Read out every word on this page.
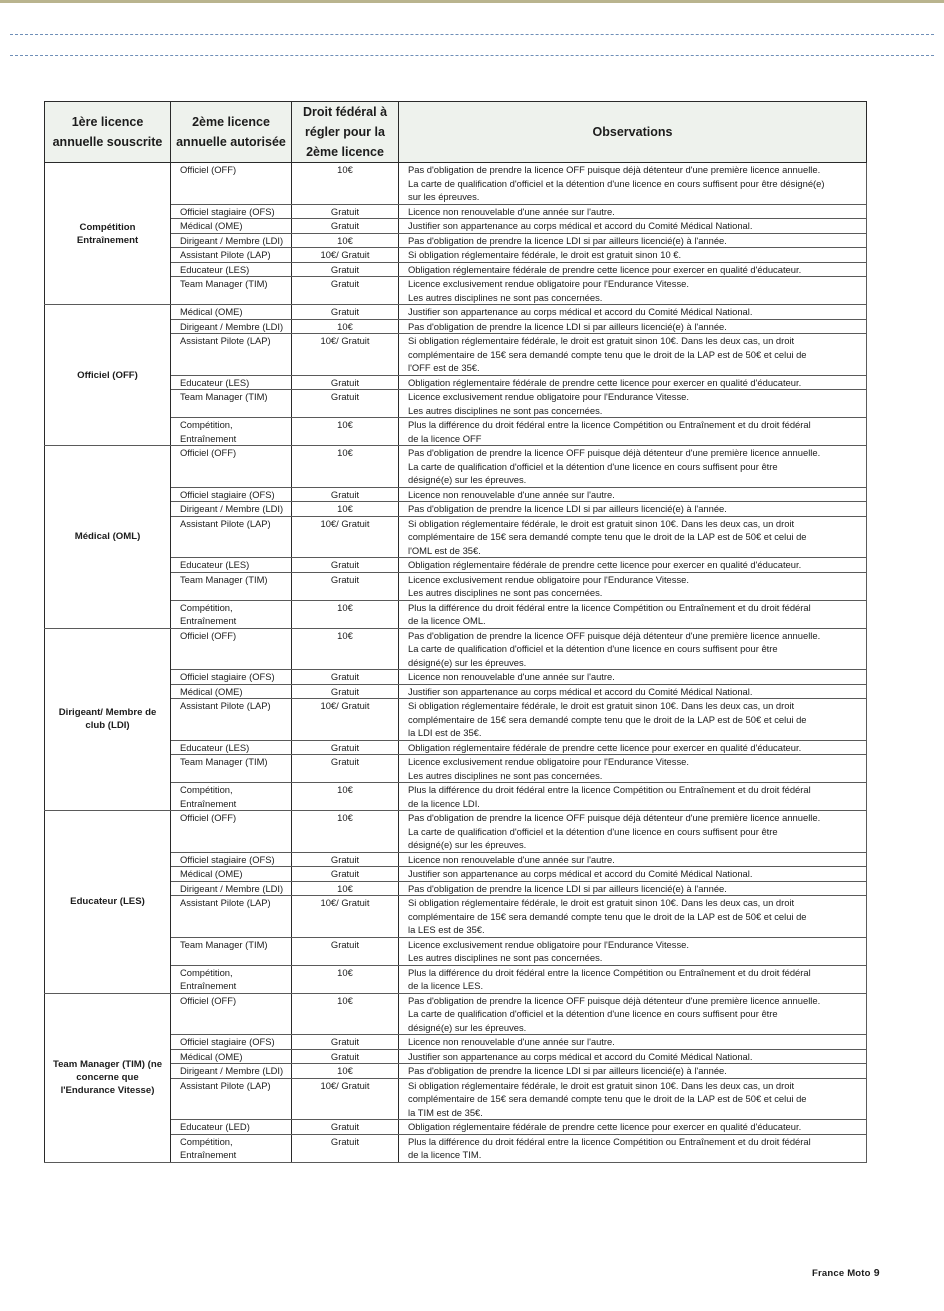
1ère licence annuelle souscrite	2ème licence annuelle autorisée	Droit fédéral à régler pour la 2ème licence	Observations
Compétition Entraînement	Officiel (OFF)	10€	Pas d'obligation de prendre la licence OFF puisque déjà détenteur d'une première licence annuelle.
La carte de qualification d'officiel et la détention d'une licence en cours suffisent pour être désigné(e)
sur les épreuves.

	Officiel stagiaire (OFS)	Gratuit	Licence non renouvelable d'une année sur l'autre.

	Médical (OME)	Gratuit	Justifier son appartenance au corps médical et accord du Comité Médical National.

	Dirigeant / Membre (LDI)	10€	Pas d'obligation de prendre la licence LDI si par ailleurs licencié(e) à l'année.

	Assistant Pilote (LAP)	10€/ Gratuit	Si obligation réglementaire fédérale, le droit est gratuit sinon 10 €.

	Educateur (LES)	Gratuit	Obligation réglementaire fédérale de prendre cette licence pour exercer en qualité d'éducateur.

	Team Manager (TIM)	Gratuit	Licence exclusivement rendue obligatoire pour l'Endurance Vitesse.
Les autres disciplines ne sont pas concernées.

Officiel (OFF)	Médical (OME)	Gratuit	Justifier son appartenance au corps médical et accord du Comité Médical National.

	Dirigeant / Membre (LDI)	10€	Pas d'obligation de prendre la licence LDI si par ailleurs licencié(e) à l'année.

	Assistant Pilote (LAP)	10€/ Gratuit	Si obligation réglementaire fédérale, le droit est gratuit sinon 10€. Dans les deux cas, un droit
complémentaire de 15€ sera demandé compte tenu que le droit de la LAP est de 50€ et celui de
l'OFF est de 35€.

	Educateur (LES)	Gratuit	Obligation réglementaire fédérale de prendre cette licence pour exercer en qualité d'éducateur.

	Team Manager (TIM)	Gratuit	Licence exclusivement rendue obligatoire pour l'Endurance Vitesse.
Les autres disciplines ne sont pas concernées.

	Compétition, Entraînement	10€	Plus la différence du droit fédéral entre la licence Compétition ou Entraînement et du droit fédéral
de la licence OFF

Médical (OML)	Officiel (OFF)	10€	Pas d'obligation de prendre la licence OFF puisque déjà détenteur d'une première licence annuelle.
La carte de qualification d'officiel et la détention d'une licence en cours suffisent pour être
désigné(e) sur les épreuves.

	Officiel stagiaire (OFS)	Gratuit	Licence non renouvelable d'une année sur l'autre.

	Dirigeant / Membre (LDI)	10€	Pas d'obligation de prendre la licence LDI si par ailleurs licencié(e) à l'année.

	Assistant Pilote (LAP)	10€/ Gratuit	Si obligation réglementaire fédérale, le droit est gratuit sinon 10€. Dans les deux cas, un droit
complémentaire de 15€ sera demandé compte tenu que le droit de la LAP est de 50€ et celui de
l'OML est de 35€.

	Educateur (LES)	Gratuit	Obligation réglementaire fédérale de prendre cette licence pour exercer en qualité d'éducateur.

	Team Manager (TIM)	Gratuit	Licence exclusivement rendue obligatoire pour l'Endurance Vitesse.
Les autres disciplines ne sont pas concernées.

	Compétition, Entraînement	10€	Plus la différence du droit fédéral entre la licence Compétition ou Entraînement et du droit fédéral
de la licence OML.

Dirigeant/ Membre de club (LDI)	Officiel (OFF)	10€	Pas d'obligation de prendre la licence OFF puisque déjà détenteur d'une première licence annuelle.
La carte de qualification d'officiel et la détention d'une licence en cours suffisent pour être
désigné(e) sur les épreuves.

	Officiel stagiaire (OFS)	Gratuit	Licence non renouvelable d'une année sur l'autre.

	Médical (OME)	Gratuit	Justifier son appartenance au corps médical et accord du Comité Médical National.

	Assistant Pilote (LAP)	10€/ Gratuit	Si obligation réglementaire fédérale, le droit est gratuit sinon 10€. Dans les deux cas, un droit
complémentaire de 15€ sera demandé compte tenu que le droit de la LAP est de 50€ et celui de
la LDI est de 35€.

	Educateur (LES)	Gratuit	Obligation réglementaire fédérale de prendre cette licence pour exercer en qualité d'éducateur.

	Team Manager (TIM)	Gratuit	Licence exclusivement rendue obligatoire pour l'Endurance Vitesse.
Les autres disciplines ne sont pas concernées.

	Compétition, Entraînement	10€	Plus la différence du droit fédéral entre la licence Compétition ou Entraînement et du droit fédéral
de la licence LDI.

Educateur (LES)	Officiel (OFF)	10€	Pas d'obligation de prendre la licence OFF puisque déjà détenteur d'une première licence annuelle.
La carte de qualification d'officiel et la détention d'une licence en cours suffisent pour être
désigné(e) sur les épreuves.

	Officiel stagiaire (OFS)	Gratuit	Licence non renouvelable d'une année sur l'autre.

	Médical (OME)	Gratuit	Justifier son appartenance au corps médical et accord du Comité Médical National.

	Dirigeant / Membre (LDI)	10€	Pas d'obligation de prendre la licence LDI si par ailleurs licencié(e) à l'année.

	Assistant Pilote (LAP)	10€/ Gratuit	Si obligation réglementaire fédérale, le droit est gratuit sinon 10€. Dans les deux cas, un droit
complémentaire de 15€ sera demandé compte tenu que le droit de la LAP est de 50€ et celui de
la LES est de 35€.

	Team Manager (TIM)	Gratuit	Licence exclusivement rendue obligatoire pour l'Endurance Vitesse.
Les autres disciplines ne sont pas concernées.

	Compétition, Entraînement	10€	Plus la différence du droit fédéral entre la licence Compétition ou Entraînement et du droit fédéral
de la licence LES.

Team Manager (TIM) (ne concerne que l'Endurance Vitesse)	Officiel (OFF)	10€	Pas d'obligation de prendre la licence OFF puisque déjà détenteur d'une première licence annuelle.
La carte de qualification d'officiel et la détention d'une licence en cours suffisent pour être
désigné(e) sur les épreuves.

	Officiel stagiaire (OFS)	Gratuit	Licence non renouvelable d'une année sur l'autre.

	Médical (OME)	Gratuit	Justifier son appartenance au corps médical et accord du Comité Médical National.

	Dirigeant / Membre (LDI)	10€	Pas d'obligation de prendre la licence LDI si par ailleurs licencié(e) à l'année.

	Assistant Pilote (LAP)	10€/ Gratuit	Si obligation réglementaire fédérale, le droit est gratuit sinon 10€. Dans les deux cas, un droit
complémentaire de 15€ sera demandé compte tenu que le droit de la LAP est de 50€ et celui de
la TIM est de 35€.

	Educateur (LED)	Gratuit	Obligation réglementaire fédérale de prendre cette licence pour exercer en qualité d'éducateur.

	Compétition, Entraînement	Gratuit	Plus la différence du droit fédéral entre la licence Compétition ou Entraînement et du droit fédéral
de la licence TIM.
France Moto 9
